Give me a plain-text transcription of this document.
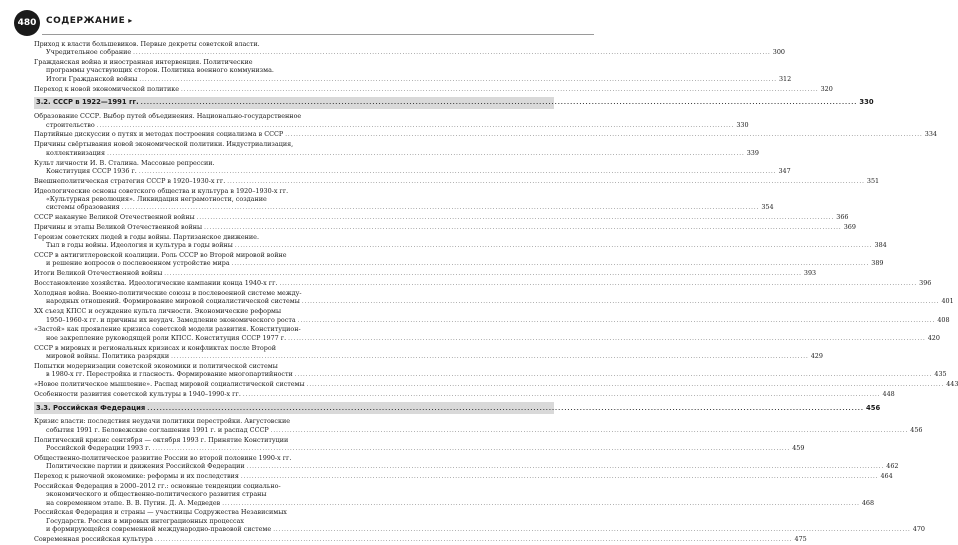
480	СОДЕРЖАНИЕ ▸
Приход к власти большевиков. Первые декреты советской власти.
Учредительное собрание .....	300
Гражданская война и иностранная интервенция. Политические
программы участвующих сторон. Политика военного коммунизма.
Итоги Гражданской войны .....	312
Переход к новой экономической политике .....	320
3.2. СССР в 1922—1991 гг. .....	330
Образование СССР. Выбор путей объединения. Национально-государственное
строительство .....	330
Партийные дискуссии о путях и методах построения социализма в СССР .....	334
Причины свёртывания новой экономической политики. Индустриализация,
коллективизация .....	339
Культ личности И. В. Сталина. Массовые репрессии.
Конституция СССР 1936 г. .....	347
Внешнеполитическая стратегия СССР в 1920–1930-х гг. .....	351
Идеологические основы советского общества и культура в 1920–1930-х гг.
«Культурная революция». Ликвидация неграмотности, создание
системы образования .....	354
СССР накануне Великой Отечественной войны .....	366
Причины и этапы Великой Отечественной войны .....	369
Героизм советских людей в годы войны. Партизанское движение.
Тыл в годы войны. Идеология и культура в годы войны .....	384
СССР в антигитлеровской коалиции. Роль СССР во Второй мировой войне
и решение вопросов о послевоенном устройстве мира .....	389
Итоги Великой Отечественной войны .....	393
Восстановление хозяйства. Идеологические кампании конца 1940-х гг. .....	396
Холодная война. Военно-политические союзы в послевоенной системе между-
народных отношений. Формирование мировой социалистической системы .....	401
XX съезд КПСС и осуждение культа личности. Экономические реформы
1950–1960-х гг. и причины их неудач. Замедление экономического роста .....	408
«Застой» как проявление кризиса советской модели развития. Конституцион-
ное закрепление руководящей роли КПСС. Конституция СССР 1977 г. .....	420
СССР в мировых и региональных кризисах и конфликтах после Второй
мировой войны. Политика разрядки .....	429
Попытки модернизации советской экономики и политической системы
в 1980-х гг. Перестройка и гласность. Формирование многопартийности .....	435
«Новое политическое мышление». Распад мировой социалистической системы .....	443
Особенности развития советской культуры в 1940–1990-х гг. .....	448
3.3. Российская Федерация .....	456
Кризис власти: последствия неудачи политики перестройки. Августовские
события 1991 г. Беловежские соглашения 1991 г. и распад СССР .....	456
Политический кризис сентября — октября 1993 г. Принятие Конституции
Российской Федерации 1993 г. .....	459
Общественно-политическое развитие России во второй половине 1990-х гг.
Политические партии и движения Российской Федерации .....	462
Переход к рыночной экономике: реформы и их последствия .....	464
Российская Федерация в 2000–2012 гг.: основные тенденции социально-
экономического и общественно-политического развития страны
на современном этапе. В. В. Путин. Д. А. Медведев .....	468
Российская Федерация и страны — участницы Содружества Независимых
Государств. Россия в мировых интеграционных процессах
и формирующейся современной международно-правовой системе .....	470
Современная российская культура .....	475
